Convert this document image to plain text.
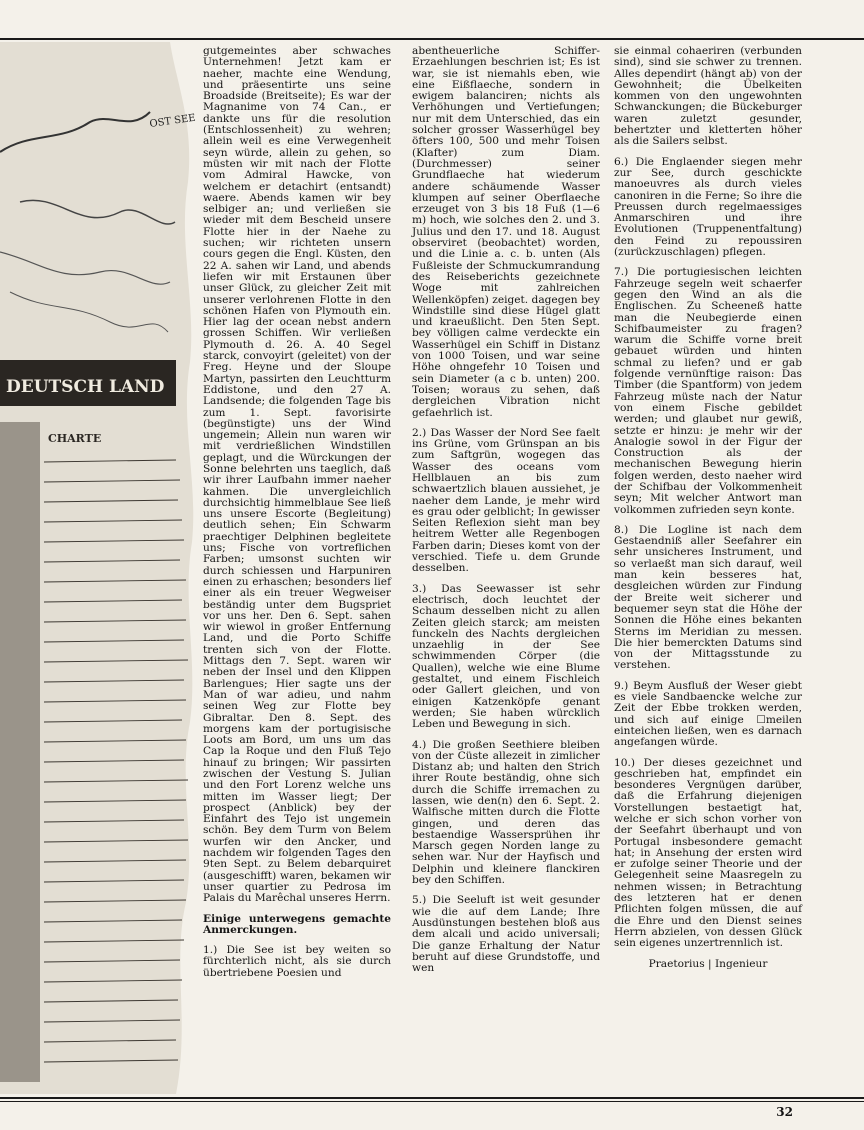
OST SEE
DEUTSCH LAND
CHARTE

gutgemeintes aber schwaches Unternehmen! Jetzt kam er naeher, machte eine Wendung, und präesentirte uns seine Broadside (Breitseite); Es war der Magnanime von 74 Can., er dankte uns für die resolution (Entschlossenheit) zu wehren; allein weil es eine Verwegenheit seyn würde, allein zu gehen, so müsten wir mit nach der Flotte vom Admiral Hawcke, von welchem er detachirt (entsandt) waere. Abends kamen wir bey selbiger an; und verließen sie wieder mit dem Bescheid unsere Flotte hier in der Naehe zu suchen; wir richteten unsern cours gegen die Engl. Küsten, den 22 A. sahen wir Land, und abends liefen wir mit Erstaunen über unser Glück, zu gleicher Zeit mit unserer verlohrenen Flotte in den schönen Hafen von Plymouth ein. Hier lag der ocean nebst andern grossen Schiffen. Wir verließen Plymouth d. 26. A. 40 Segel starck, convoyirt (geleitet) von der Freg. Heyne und der Sloupe Martyn, passirten den Leuchtturm Eddistone, und den 27 A. Landsende; die folgenden Tage bis zum 1. Sept. favorisirte (begünstigte) uns der Wind ungemein; Allein nun waren wir mit verdrießlichen Windstillen geplagt, und die Würckungen der Sonne belehrten uns taeglich, daß wir ihrer Laufbahn immer naeher kahmen. Die unvergleichlich durchsichtig himmelblaue See ließ uns unsere Escorte (Begleitung) deutlich sehen; Ein Schwarm praechtiger Delphinen begleitete uns; Fische von vortreflichen Farben; umsonst suchten wir durch schiessen und Harpuniren einen zu erhaschen; besonders lief einer als ein treuer Wegweiser beständig unter dem Bugspriet vor uns her. Den 6. Sept. sahen wir wiewol in großer Entfernung Land, und die Porto Schiffe trenten sich von der Flotte. Mittags den 7. Sept. waren wir neben der Insel und den Klippen Barlengues; Hier sagte uns der Man of war adieu, und nahm seinen Weg zur Flotte bey Gibraltar. Den 8. Sept. des morgens kam der portugisische Loots am Bord, um uns um das Cap la Roque und den Fluß Tejo hinauf zu bringen; Wir passirten zwischen der Vestung S. Julian und den Fort Lorenz welche uns mitten im Wasser liegt; Der prospect (Anblick) bey der Einfahrt des Tejo ist ungemein schön. Bey dem Turm von Belem wurfen wir den Ancker, und nachdem wir folgenden Tages den 9ten Sept. zu Belem debarquiret (ausgeschifft) waren, bekamen wir unser quartier zu Pedrosa im Palais du Marêchal unseres Herrn.

Einige unterwegens gemachte Anmerckungen.

1.) Die See ist bey weiten so fürchterlich nicht, als sie durch übertriebene Poesien und

abentheuerliche Schiffer-Erzaehlungen beschrien ist; Es ist war, sie ist niemahls eben, wie eine Eißflaeche, sondern in ewigem balanciren; nichts als Verhöhungen und Vertiefungen; nur mit dem Unterschied, das ein solcher grosser Wasserhügel bey öfters 100, 500 und mehr Toisen (Klafter) zum Diam. (Durchmesser) seiner Grundflaeche hat wiederum andere schäumende Wasser klumpen auf seiner Oberflaeche erzeuget von 3 bis 18 Fuß (1—6 m) hoch, wie solches den 2. und 3. Julius und den 17. und 18. August observiret (beobachtet) worden, und die Linie a. c. b. unten (Als Fußleiste der Schmuckumrandung des Reiseberichts gezeichnete Woge mit zahlreichen Wellenköpfen) zeiget. dagegen bey Windstille sind diese Hügel glatt und kraeußlicht. Den 5ten Sept. bey völligen calme verdeckte ein Wasserhügel ein Schiff in Distanz von 1000 Toisen, und war seine Höhe ohngefehr 10 Toisen und sein Diameter (a c b. unten) 200. Toisen; woraus zu sehen, daß dergleichen Vibration nicht gefaehrlich ist.

2.) Das Wasser der Nord See faelt ins Grüne, vom Grünspan an bis zum Saftgrün, wogegen das Wasser des oceans vom Hellblauen an bis zum schwaertzlich blauen aussiehet, je naeher dem Lande, je mehr wird es grau oder gelblicht; In gewisser Seiten Reflexion sieht man bey heitrem Wetter alle Regenbogen Farben darin; Dieses komt von der verschied. Tiefe u. dem Grunde desselben.

3.) Das Seewasser ist sehr electrisch, doch leuchtet der Schaum desselben nicht zu allen Zeiten gleich starck; am meisten funckeln des Nachts dergleichen unzaehlig in der See schwimmenden Cörper (die Quallen), welche wie eine Blume gestaltet, und einem Fischleich oder Gallert gleichen, und von einigen Katzenköpfe genant werden; Sie haben würcklich Leben und Bewegung in sich.

4.) Die großen Seethiere bleiben von der Cüste allezeit in zimlicher Distanz ab; und halten den Strich ihrer Route beständig, ohne sich durch die Schiffe irremachen zu lassen, wie den(n) den 6. Sept. 2. Walfische mitten durch die Flotte gingen, und deren das bestaendige Wassersprühen ihr Marsch gegen Norden lange zu sehen war. Nur der Hayfisch und Delphin und kleinere flanckiren bey den Schiffen.

5.) Die Seeluft ist weit gesunder wie die auf dem Lande; Ihre Ausdünstungen bestehen bloß aus dem alcali und acido universali; Die ganze Erhaltung der Natur beruht auf diese Grundstoffe, und wen

sie einmal cohaeriren (verbunden sind), sind sie schwer zu trennen. Alles dependirt (hängt ab) von der Gewohnheit; die Übelkeiten kommen von den ungewohnten Schwanckungen; die Bückeburger waren zuletzt gesunder, behertzter und kletterten höher als die Sailers selbst.

6.) Die Englaender siegen mehr zur See, durch geschickte manoeuvres als durch vieles canoniren in die Ferne; So ihre die Preussen durch regelmaessiges Anmarschiren und ihre Evolutionen (Truppenentfaltung) den Feind zu repoussiren (zurückzuschlagen) pflegen.

7.) Die portugiesischen leichten Fahrzeuge segeln weit schaerfer gegen den Wind an als die Englischen. Zu Scheeneß hatte man die Neubegierde einen Schifbaumeister zu fragen? warum die Schiffe vorne breit gebauet würden und hinten schmal zu liefen? und er gab folgende vernünftige raison: Das Timber (die Spantform) von jedem Fahrzeug müste nach der Natur von einem Fische gebildet werden; und glaubet nur gewiß, setzte er hinzu: je mehr wir der Analogie sowol in der Figur der Construction als der mechanischen Bewegung hierin folgen werden, desto naeher wird der Schifbau der Volkommenheit seyn; Mit welcher Antwort man volkommen zufrieden seyn konte.

8.) Die Logline ist nach dem Gestaendniß aller Seefahrer ein sehr unsicheres Instrument, und so verlaeßt man sich darauf, weil man kein besseres hat, desgleichen würden zur Findung der Breite weit sicherer und bequemer seyn stat die Höhe der Sonnen die Höhe eines bekanten Sterns im Meridian zu messen. Die hier bemerckten Datums sind von der Mittagsstunde zu verstehen.

9.) Beym Ausfluß der Weser giebt es viele Sandbaencke welche zur Zeit der Ebbe trokken werden, und sich auf einige ☐meilen einteichen ließen, wen es darnach angefangen würde.

10.) Der dieses gezeichnet und geschrieben hat, empfindet ein besonderes Vergnügen darüber, daß die Erfahrung diejenigen Vorstellungen bestaetigt hat, welche er sich schon vorher von der Seefahrt überhaupt und von Portugal insbesondere gemacht hat; in Ansehung der ersten wird er zufolge seiner Theorie und der Gelegenheit seine Maasregeln zu nehmen wissen; in Betrachtung des letzteren hat er denen Pflichten folgen müssen, die auf die Ehre und den Dienst seines Herrn abzielen, von dessen Glück sein eigenes unzertrennlich ist.

Praetorius | Ingenieur

32
